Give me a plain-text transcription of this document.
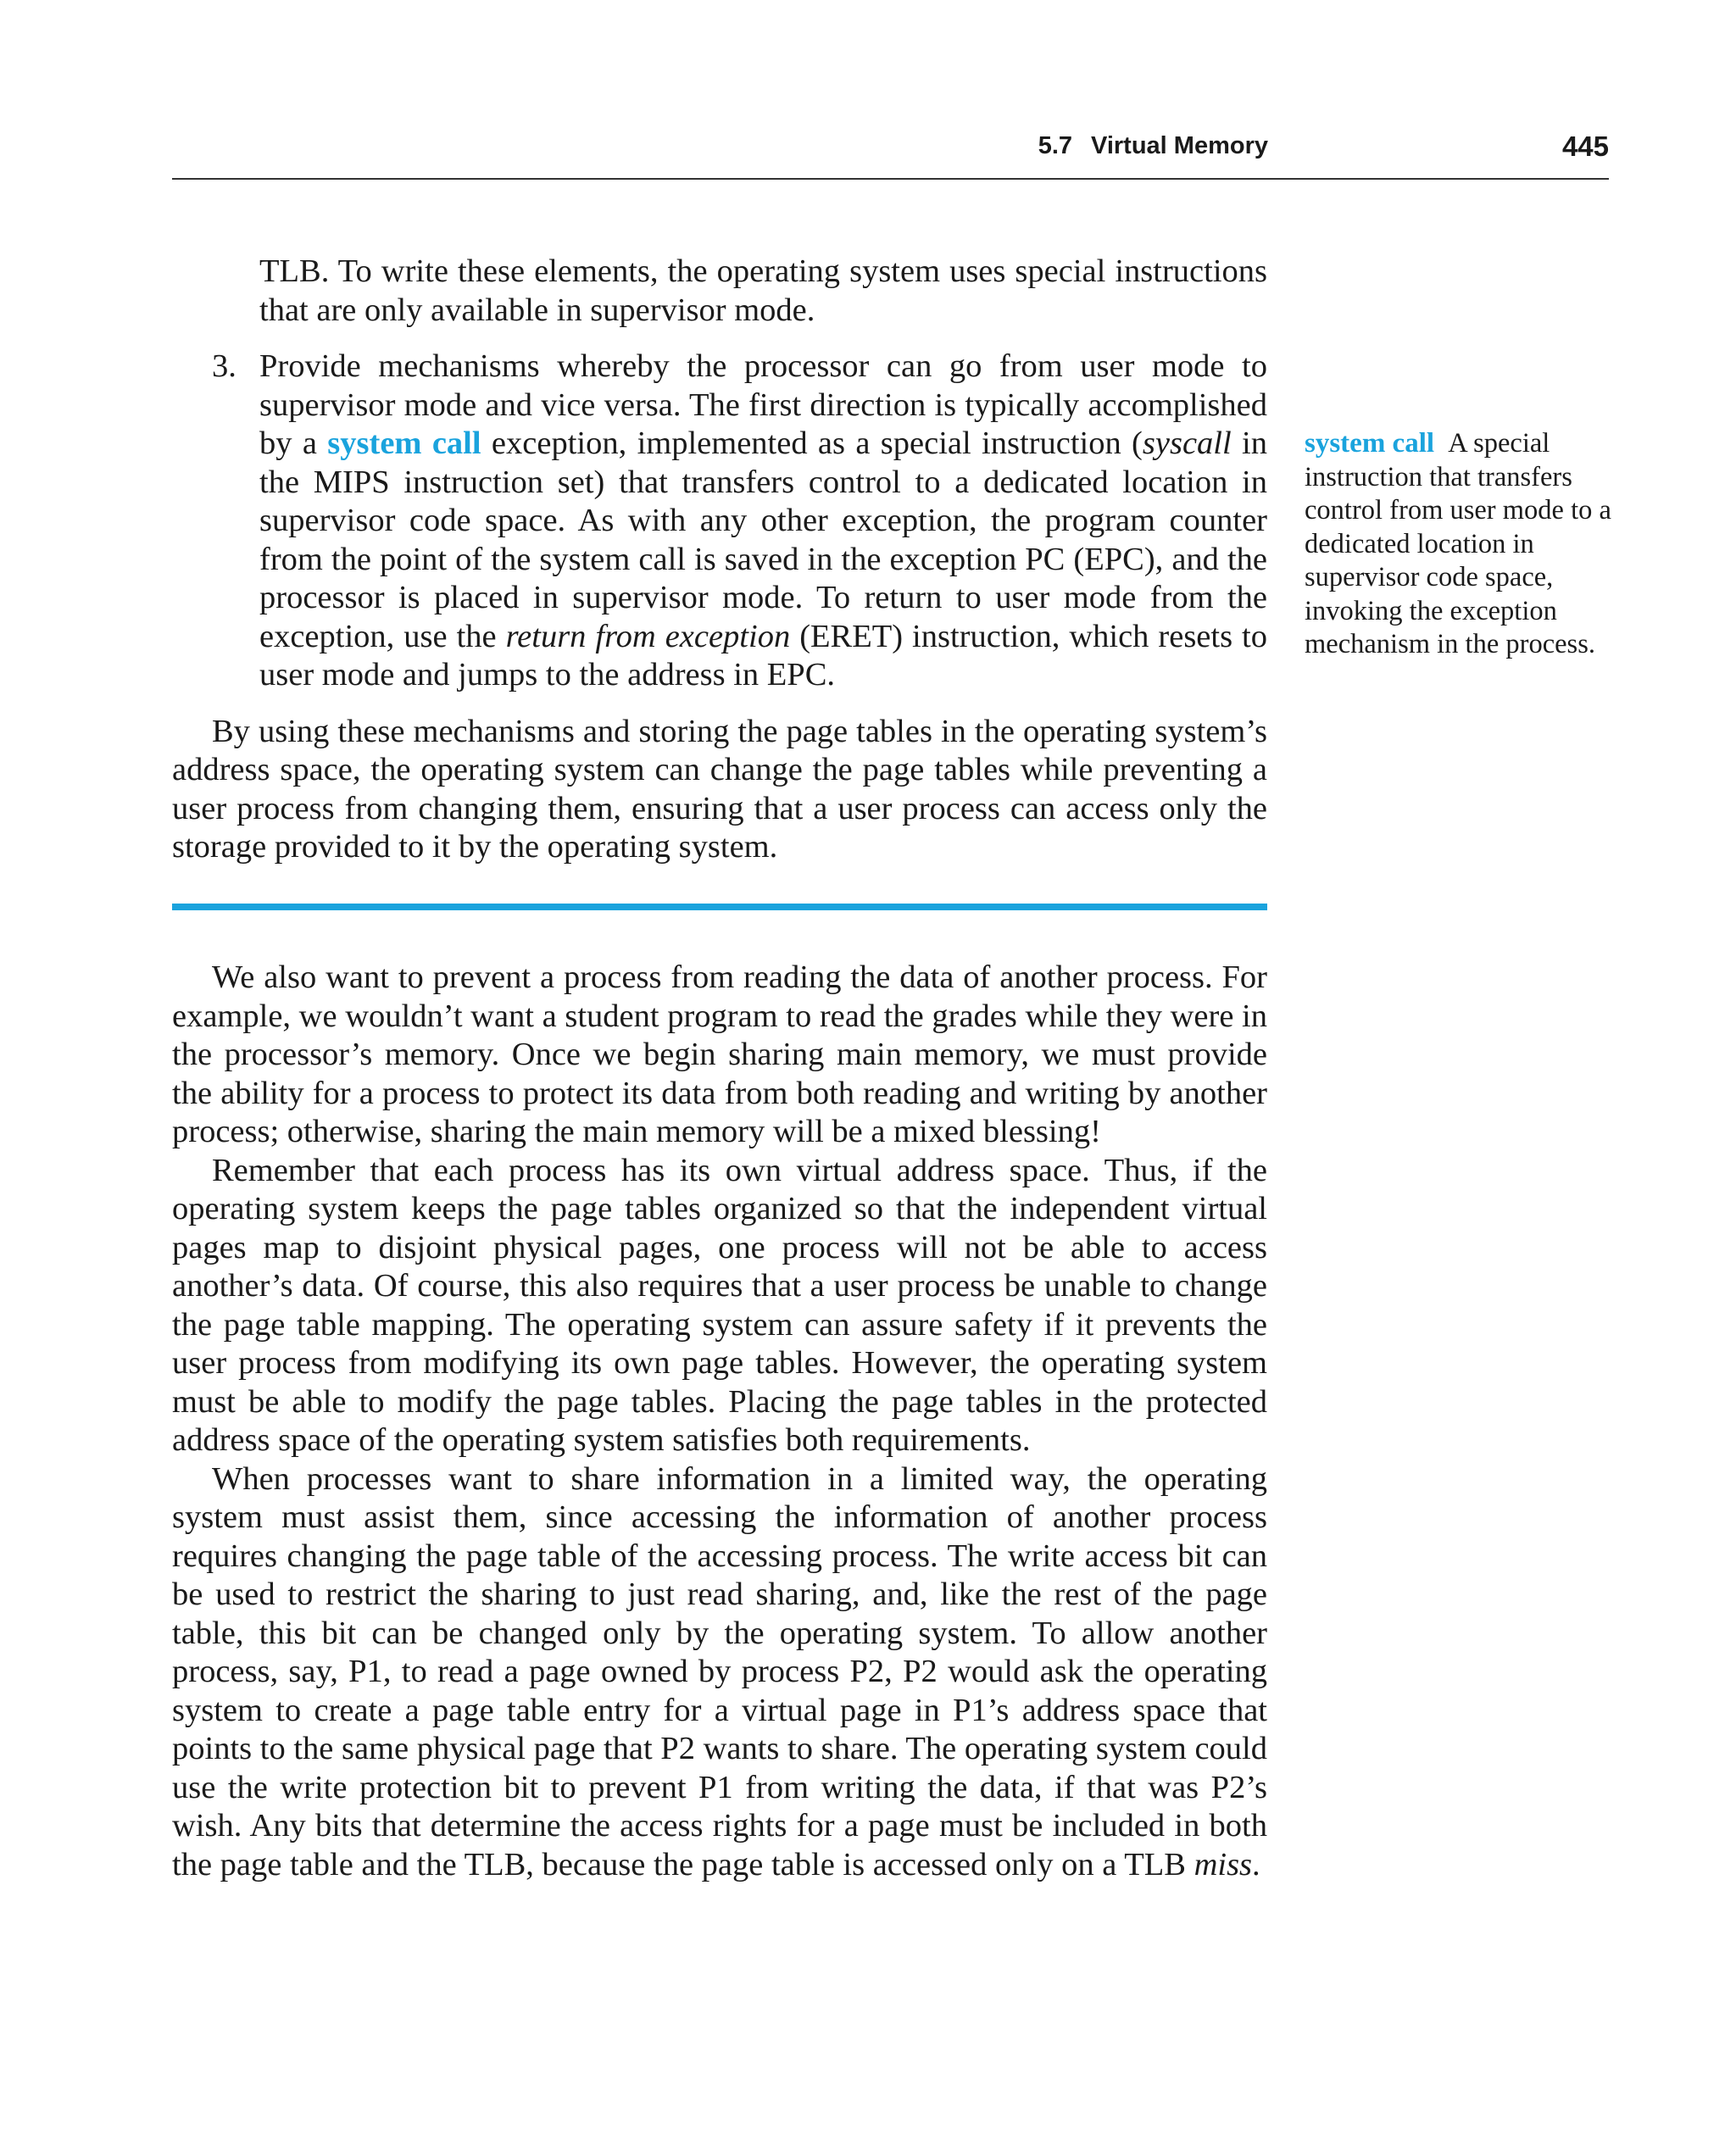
5.7 Virtual Memory	445

TLB. To write these elements, the operating system uses special instructions that are only available in supervisor mode.

3. Provide mechanisms whereby the processor can go from user mode to supervisor mode and vice versa. The first direction is typically accomplished by a system call exception, implemented as a special instruction (syscall in the MIPS instruction set) that transfers control to a dedicated location in supervisor code space. As with any other exception, the program counter from the point of the system call is saved in the exception PC (EPC), and the processor is placed in supervisor mode. To return to user mode from the exception, use the return from exception (ERET) instruction, which resets to user mode and jumps to the address in EPC.

By using these mechanisms and storing the page tables in the operating system’s address space, the operating system can change the page tables while preventing a user process from changing them, ensuring that a user process can access only the storage provided to it by the operating system.

system call A special instruction that transfers control from user mode to a dedicated location in supervisor code space, invoking the exception mechanism in the process.

We also want to prevent a process from reading the data of another process. For example, we wouldn’t want a student program to read the grades while they were in the processor’s memory. Once we begin sharing main memory, we must provide the ability for a process to protect its data from both reading and writing by another process; otherwise, sharing the main memory will be a mixed blessing!

Remember that each process has its own virtual address space. Thus, if the operating system keeps the page tables organized so that the independent virtual pages map to disjoint physical pages, one process will not be able to access another’s data. Of course, this also requires that a user process be unable to change the page table mapping. The operating system can assure safety if it prevents the user process from modifying its own page tables. However, the operating system must be able to modify the page tables. Placing the page tables in the protected address space of the operating system satisfies both requirements.

When processes want to share information in a limited way, the operating system must assist them, since accessing the information of another process requires changing the page table of the accessing process. The write access bit can be used to restrict the sharing to just read sharing, and, like the rest of the page table, this bit can be changed only by the operating system. To allow another process, say, P1, to read a page owned by process P2, P2 would ask the operating system to create a page table entry for a virtual page in P1’s address space that points to the same physical page that P2 wants to share. The operating system could use the write protection bit to prevent P1 from writing the data, if that was P2’s wish. Any bits that determine the access rights for a page must be included in both the page table and the TLB, because the page table is accessed only on a TLB miss.
